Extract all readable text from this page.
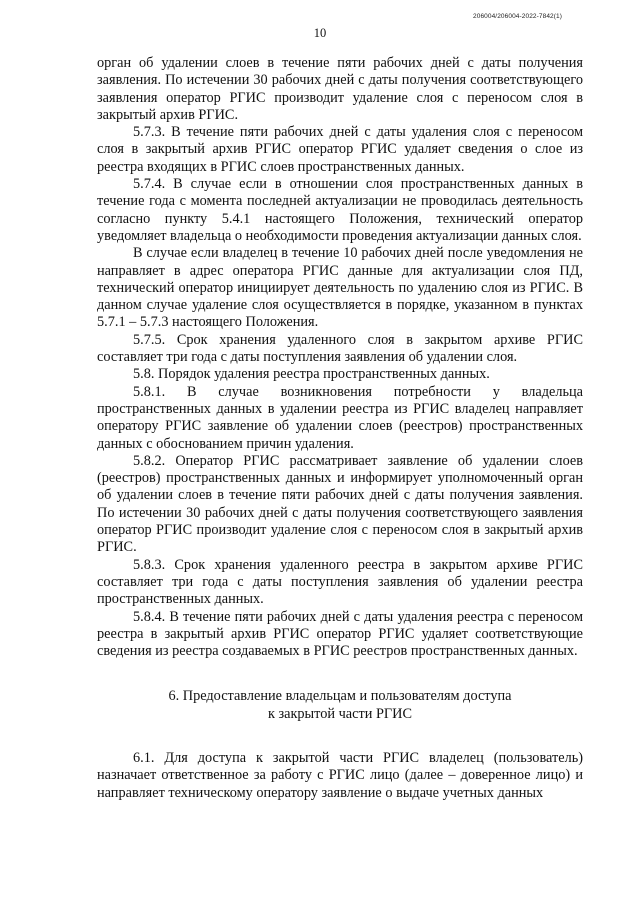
206004/206004-2022-7842(1)
10

орган об удалении слоев в течение пяти рабочих дней с даты получения заявления. По истечении 30 рабочих дней с даты получения соответствующего заявления оператор РГИС производит удаление слоя с переносом слоя в закрытый архив РГИС.

5.7.3. В течение пяти рабочих дней с даты удаления слоя с переносом слоя в закрытый архив РГИС оператор РГИС удаляет сведения о слое из реестра входящих в РГИС слоев пространственных данных.

5.7.4. В случае если в отношении слоя пространственных данных в течение года с момента последней актуализации не проводилась деятельность согласно пункту 5.4.1 настоящего Положения, технический оператор уведомляет владельца о необходимости проведения актуализации данных слоя.

В случае если владелец в течение 10 рабочих дней после уведомления не направляет в адрес оператора РГИС данные для актуализации слоя ПД, технический оператор инициирует деятельность по удалению слоя из РГИС. В данном случае удаление слоя осуществляется в порядке, указанном в пунктах 5.7.1 – 5.7.3 настоящего Положения.

5.7.5. Срок хранения удаленного слоя в закрытом архиве РГИС составляет три года с даты поступления заявления об удалении слоя.

5.8. Порядок удаления реестра пространственных данных.

5.8.1. В случае возникновения потребности у владельца пространственных данных в удалении реестра из РГИС владелец направляет оператору РГИС заявление об удалении слоев (реестров) пространственных данных с обоснованием причин удаления.

5.8.2. Оператор РГИС рассматривает заявление об удалении слоев (реестров) пространственных данных и информирует уполномоченный орган об удалении слоев в течение пяти рабочих дней с даты получения заявления. По истечении 30 рабочих дней с даты получения соответствующего заявления оператор РГИС производит удаление слоя с переносом слоя в закрытый архив РГИС.

5.8.3. Срок хранения удаленного реестра в закрытом архиве РГИС составляет три года с даты поступления заявления об удалении реестра пространственных данных.

5.8.4. В течение пяти рабочих дней с даты удаления реестра с переносом реестра в закрытый архив РГИС оператор РГИС удаляет соответствующие сведения из реестра создаваемых в РГИС реестров пространственных данных.

6. Предоставление владельцам и пользователям доступа
к закрытой части РГИС

6.1. Для доступа к закрытой части РГИС владелец (пользователь) назначает ответственное за работу с РГИС лицо (далее – доверенное лицо) и направляет техническому оператору заявление о выдаче учетных данных
